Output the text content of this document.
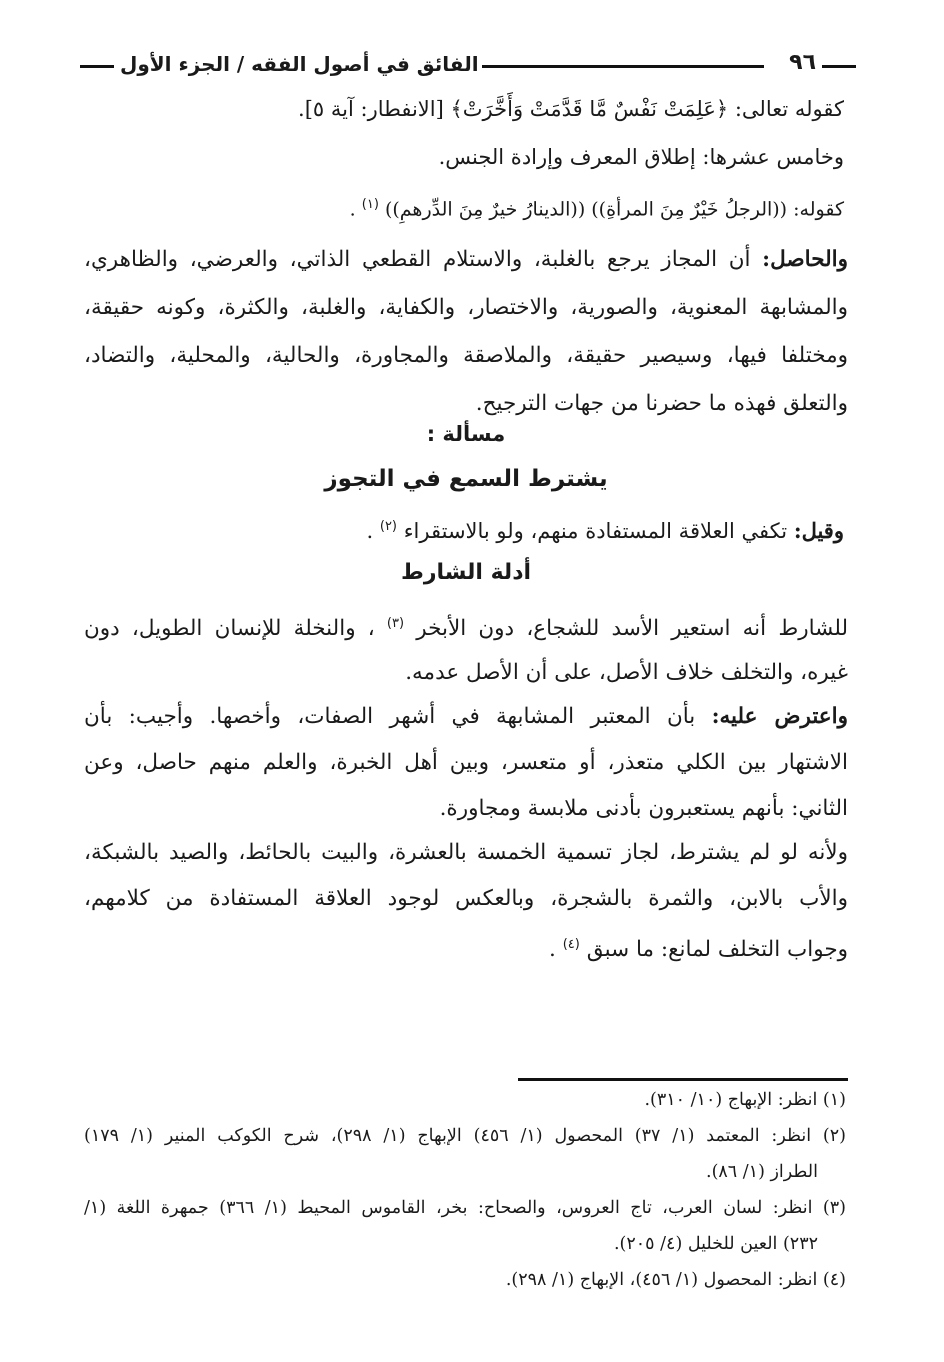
٩٦
الفائق في أصول الفقه / الجزء الأول
كقوله تعالى: ﴿عَلِمَتْ نَفْسٌ مَّا قَدَّمَتْ وَأَخَّرَتْ﴾ [الانفطار: آية ٥].
وخامس عشرها: إطلاق المعرف وإرادة الجنس.
كقوله: ((الرجلُ خَيْرٌ مِنَ المرأةِ)) ((الدينارُ خيرٌ مِنَ الدِّرهمِ)) $^{(١)}$ .
والحاصل: أن المجاز يرجع بالغلبة، والاستلام القطعي الذاتي، والعرضي، والظاهري،
والمشابهة المعنوية، والصورية، والاختصار، والكفاية، والغلبة، والكثرة، وكونه حقيقة،
ومختلفا فيها، وسيصير حقيقة، والملاصقة والمجاورة، والحالية، والمحلية، والتضاد،
والتعلق فهذه ما حضرنا من جهات الترجيح.
مسألة :
يشترط السمع في التجوز
وقيل: تكفي العلاقة المستفادة منهم، ولو بالاستقراء $^{(٢)}$ .
أدلة الشارط
للشارط أنه استعير الأسد للشجاع، دون الأبخر $^{(٣)}$ ، والنخلة للإنسان الطويل، دون
غيره، والتخلف خلاف الأصل، على أن الأصل عدمه.
واعترض عليه: بأن المعتبر المشابهة في أشهر الصفات، وأخصها. وأجيب: بأن
الاشتهار بين الكلي متعذر، أو متعسر، وبين أهل الخبرة، والعلم منهم حاصل، وعن
الثاني: بأنهم يستعبرون بأدنى ملابسة ومجاورة.
ولأنه لو لم يشترط، لجاز تسمية الخمسة بالعشرة، والبيت بالحائط، والصيد بالشبكة،
والأب بالابن، والثمرة بالشجرة، وبالعكس لوجود العلاقة المستفادة من كلامهم،
وجواب التخلف لمانع: ما سبق $^{(٤)}$ .
(١) انظر: الإبهاج (١٠/ ٣١٠).
(٢) انظر: المعتمد (١/ ٣٧) المحصول (١/ ٤٥٦) الإبهاج (١/ ٢٩٨)، شرح الكوكب المنير (١/ ١٧٩)
الطراز (١/ ٨٦).
(٣) انظر: لسان العرب، تاج العروس، والصحاح: بخر، القاموس المحيط (١/ ٣٦٦) جمهرة اللغة (١/
٢٣٢) العين للخليل (٤/ ٢٠٥).
(٤) انظر: المحصول (١/ ٤٥٦)، الإبهاج (١/ ٢٩٨).
